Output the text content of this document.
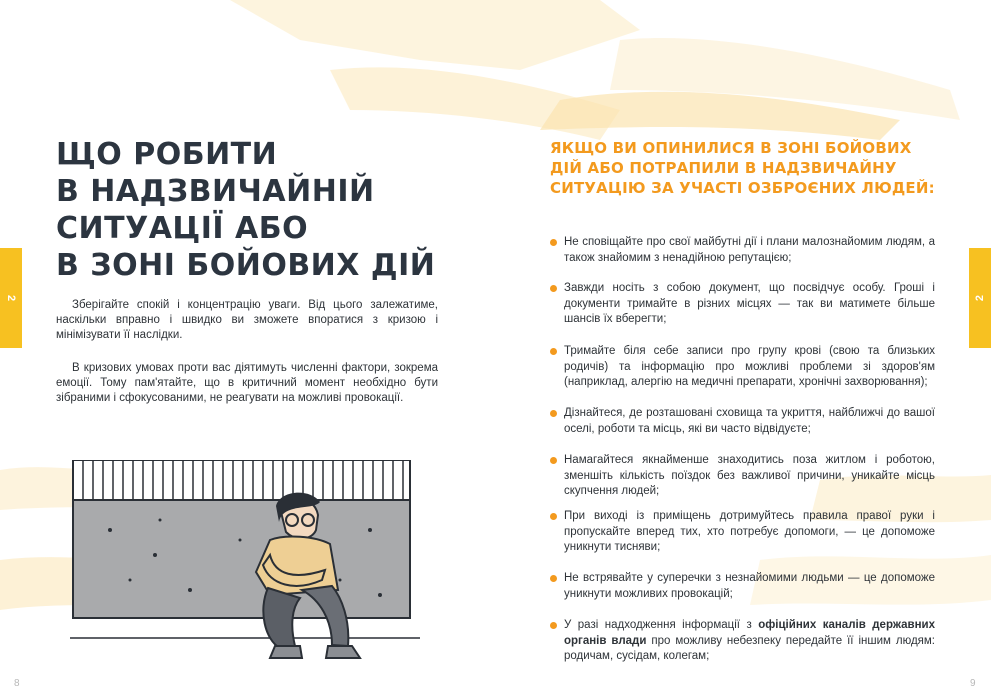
2	2
ЩО РОБИТИ
В НАДЗВИЧАЙНІЙ
СИТУАЦІЇ АБО
В ЗОНІ БОЙОВИХ ДІЙ

Зберігайте спокій і концентрацію уваги. Від цього залежатиме, наскільки вправно і швидко ви зможете впоратися з кризою і мінімізувати її наслідки.

В кризових умовах проти вас діятимуть численні фактори, зокрема емоції. Тому пам'ятайте, що в критичний момент необхідно бути зібраними і сфокусованими, не реагувати на можливі провокації.

8
ЯКЩО ВИ ОПИНИЛИСЯ В ЗОНІ БОЙОВИХ
ДІЙ АБО ПОТРАПИЛИ В НАДЗВИЧАЙНУ
СИТУАЦІЮ ЗА УЧАСТІ ОЗБРОЄНИХ ЛЮДЕЙ:
Не сповіщайте про свої майбутні дії і плани малознайомим людям, а також знайомим з ненадійною репутацією;
Завжди носіть з собою документ, що посвідчує особу. Гроші і документи тримайте в різних місцях — так ви матимете більше шансів їх вберегти;
Тримайте біля себе записи про групу крові (свою та близьких родичів) та інформацію про можливі проблеми зі здоров'ям (наприклад, алергію на медичні препарати, хронічні захворювання);
Дізнайтеся, де розташовані сховища та укриття, найближчі до вашої оселі, роботи та місць, які ви часто відвідуєте;
Намагайтеся якнайменше знаходитись поза житлом і роботою, зменшіть кількість поїздок без важливої причини, уникайте місць скупчення людей;
При виході із приміщень дотримуйтесь правила правої руки і пропускайте вперед тих, хто потребує допомоги, — це допоможе уникнути тисняви;
Не встрявайте у суперечки з незнайомими людьми — це допоможе уникнути можливих провокацій;
У разі надходження інформації з офіційних каналів державних органів влади про можливу небезпеку передайте її іншим людям: родичам, сусідам, колегам;
9
